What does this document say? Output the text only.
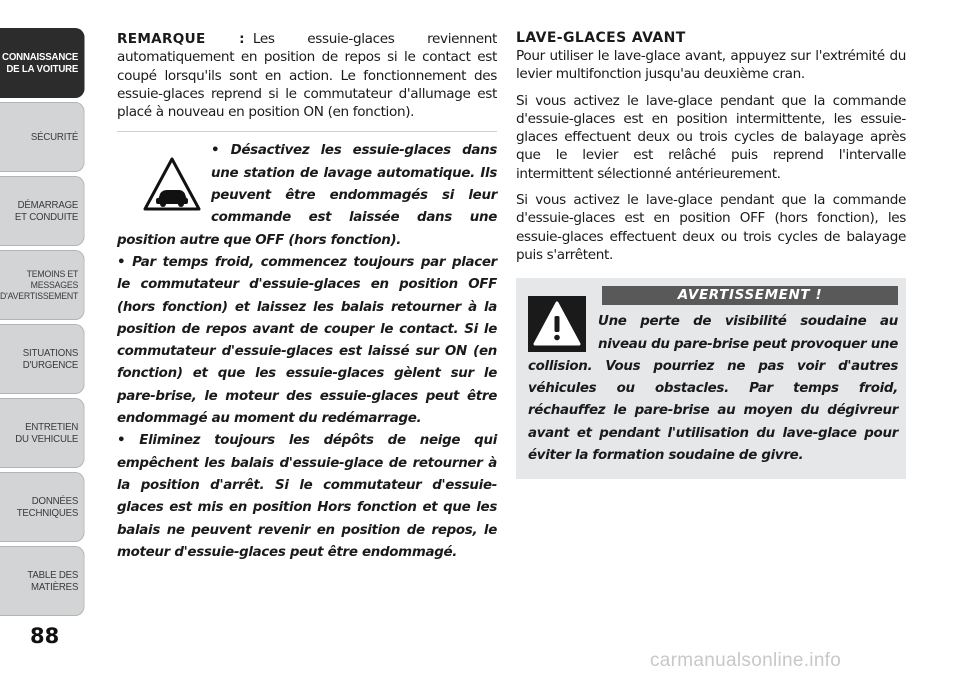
CONNAISSANCE
DE LA VOITURE
SÉCURITÉ
DÉMARRAGE
ET CONDUITE
TEMOINS ET
MESSAGES
D'AVERTISSEMENT
SITUATIONS
D'URGENCE
ENTRETIEN
DU VEHICULE
DONNÉES
TECHNIQUES
TABLE DES
MATIÈRES
88

REMARQUE : Les essuie-glaces reviennent automatiquement en position de repos si le contact est coupé lorsqu'ils sont en action. Le fonctionnement des essuie-glaces reprend si le commutateur d'allumage est placé à nouveau en position ON (en fonction).

• Désactivez les essuie-glaces dans une station de lavage automatique. Ils peuvent être endommagés si leur commande est laissée dans une position autre que OFF (hors fonction).

• Par temps froid, commencez toujours par placer le commutateur d'essuie-glaces en position OFF (hors fonction) et laissez les balais retourner à la position de repos avant de couper le contact. Si le commutateur d'essuie-glaces est laissé sur ON (en fonction) et que les essuie-glaces gèlent sur le pare-brise, le moteur des essuie-glaces peut être endommagé au moment du redémarrage.

• Eliminez toujours les dépôts de neige qui empêchent les balais d'essuie-glace de retourner à la position d'arrêt. Si le commutateur d'essuie-glaces est mis en position Hors fonction et que les balais ne peuvent revenir en position de repos, le moteur d'essuie-glaces peut être endommagé.

LAVE-GLACES AVANT

Pour utiliser le lave-glace avant, appuyez sur l'extrémité du levier multifonction jusqu'au deuxième cran.

Si vous activez le lave-glace pendant que la commande d'essuie-glaces est en position intermittente, les essuie-glaces effectuent deux ou trois cycles de balayage après que le levier est relâché puis reprend l'intervalle intermittent sélectionné antérieurement.

Si vous activez le lave-glace pendant que la commande d'essuie-glaces est en position OFF (hors fonction), les essuie-glaces effectuent deux ou trois cycles de balayage puis s'arrêtent.

AVERTISSEMENT !

Une perte de visibilité soudaine au niveau du pare-brise peut provoquer une collision. Vous pourriez ne pas voir d'autres véhicules ou obstacles. Par temps froid, réchauffez le pare-brise au moyen du dégivreur avant et pendant l'utilisation du lave-glace pour éviter la formation soudaine de givre.

carmanualsonline.info
